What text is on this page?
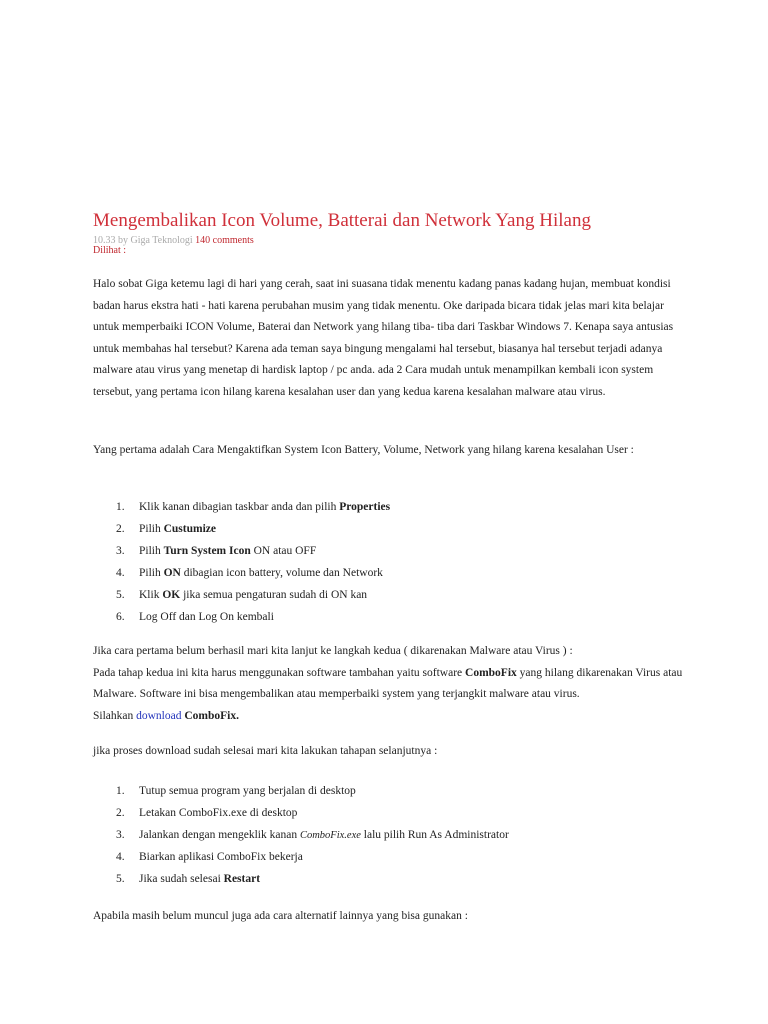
Mengembalikan Icon Volume, Batterai dan Network Yang Hilang
10.33 by Giga Teknologi 140 comments
Dilihat :

Halo sobat Giga ketemu lagi di hari yang cerah, saat ini suasana tidak menentu kadang panas kadang hujan, membuat kondisi badan harus ekstra hati - hati karena perubahan musim yang tidak menentu. Oke daripada bicara tidak jelas mari kita belajar untuk memperbaiki ICON Volume, Baterai dan Network yang hilang tiba- tiba dari Taskbar Windows 7. Kenapa saya antusias untuk membahas hal tersebut? Karena ada teman saya bingung mengalami hal tersebut, biasanya hal tersebut terjadi adanya malware atau virus yang menetap di hardisk laptop / pc anda. ada 2 Cara mudah untuk menampilkan kembali icon system tersebut, yang pertama icon hilang karena kesalahan user dan yang kedua karena kesalahan malware atau virus.

Yang pertama adalah Cara Mengaktifkan System Icon Battery, Volume, Network yang hilang karena kesalahan User :

1.	Klik kanan dibagian taskbar anda dan pilih Properties
2.	Pilih Custumize
3.	Pilih Turn System Icon ON atau OFF
4.	Pilih ON dibagian icon battery, volume dan Network
5.	Klik OK jika semua pengaturan sudah di ON kan
6.	Log Off dan Log On kembali
Jika cara pertama belum berhasil mari kita lanjut ke langkah kedua ( dikarenakan Malware atau Virus ) :
Pada tahap kedua ini kita harus menggunakan software tambahan yaitu software ComboFix yang hilang dikarenakan Virus atau Malware. Software ini bisa mengembalikan atau memperbaiki system yang terjangkit malware atau virus.
Silahkan download ComboFix.

jika proses download sudah selesai mari kita lakukan tahapan selanjutnya :

1.	Tutup semua program yang berjalan di desktop
2.	Letakan ComboFix.exe di desktop
3.	Jalankan dengan mengeklik kanan ComboFix.exe lalu pilih Run As Administrator
4.	Biarkan aplikasi ComboFix bekerja
5.	Jika sudah selesai Restart

Apabila masih belum muncul juga ada cara alternatif lainnya yang bisa gunakan :
